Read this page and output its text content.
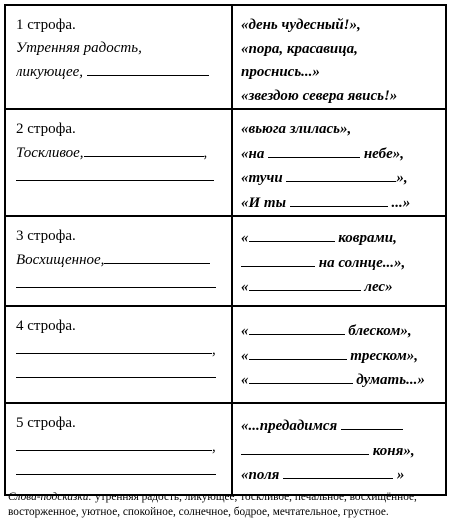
1 строфа.
Утренняя радость,
ликующее,	«день чудесный!»,
«пора, красавица,
проснись...»
«звездою севера явись!»

2 строфа.
Тоскливое, ,	«вьюга злилась»,
«на небе»,
«тучи »,
«И ты ...»

3 строфа.
Восхищенное,	« коврами,
на солнце...»,
« лес»

4 строфа.
,	« блеском»,
« треском»,
« думать...»

5 строфа.
,	«...предадимся
коня»,
«поля »
Слова-подсказки: утренняя радость, ликующее, тоскливое, печальное, восхищённое,
восторженное, уютное, спокойное, солнечное, бодрое, мечтательное, грустное.
